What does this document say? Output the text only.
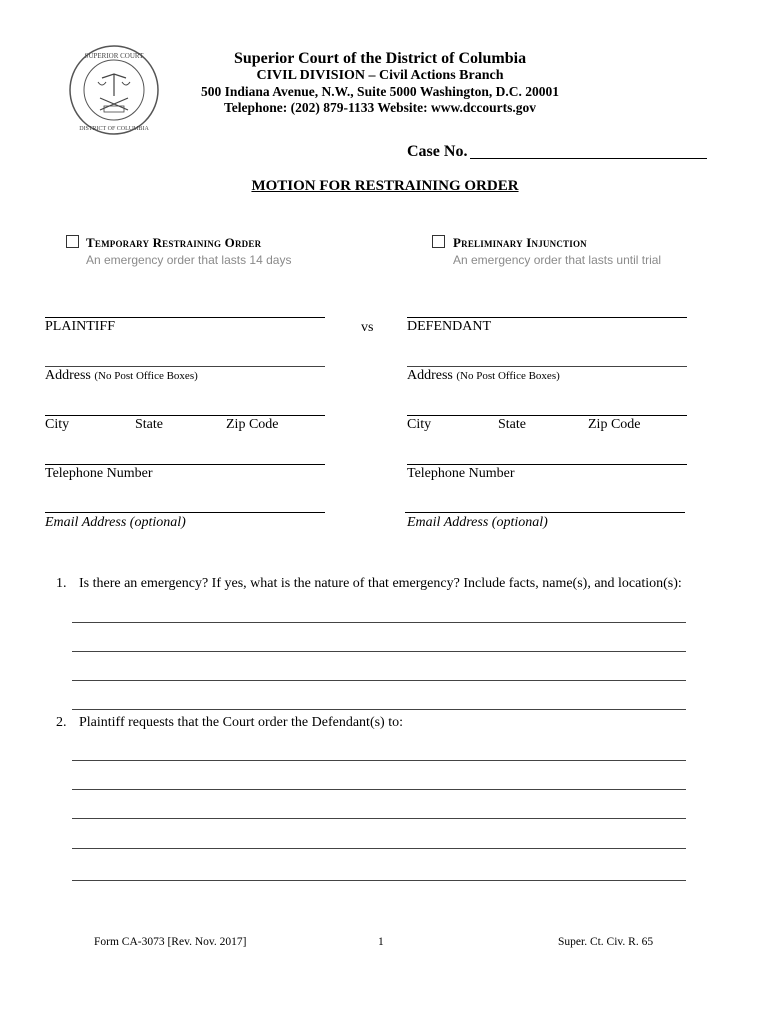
SUPERIOR COURT
DISTRICT OF COLUMBIA
Superior Court of the District of Columbia
CIVIL DIVISION – Civil Actions Branch
500 Indiana Avenue, N.W., Suite 5000 Washington, D.C. 20001
Telephone: (202) 879-1133 Website: www.dccourts.gov
Case No.
MOTION FOR RESTRAINING ORDER
Temporary Restraining Order
An emergency order that lasts 14 days
Preliminary Injunction
An emergency order that lasts until trial
PLAINTIFF
Address (No Post Office Boxes)
City	State	Zip Code
Telephone Number
Email Address (optional)
vs DEFENDANT
Address (No Post Office Boxes)
City	State	Zip Code
Telephone Number
Email Address (optional)
1. Is there an emergency? If yes, what is the nature of that emergency? Include facts, name(s), and location(s):
2. Plaintiff requests that the Court order the Defendant(s) to:
Form CA-3073 [Rev. Nov. 2017]	1	Super. Ct. Civ. R. 65
